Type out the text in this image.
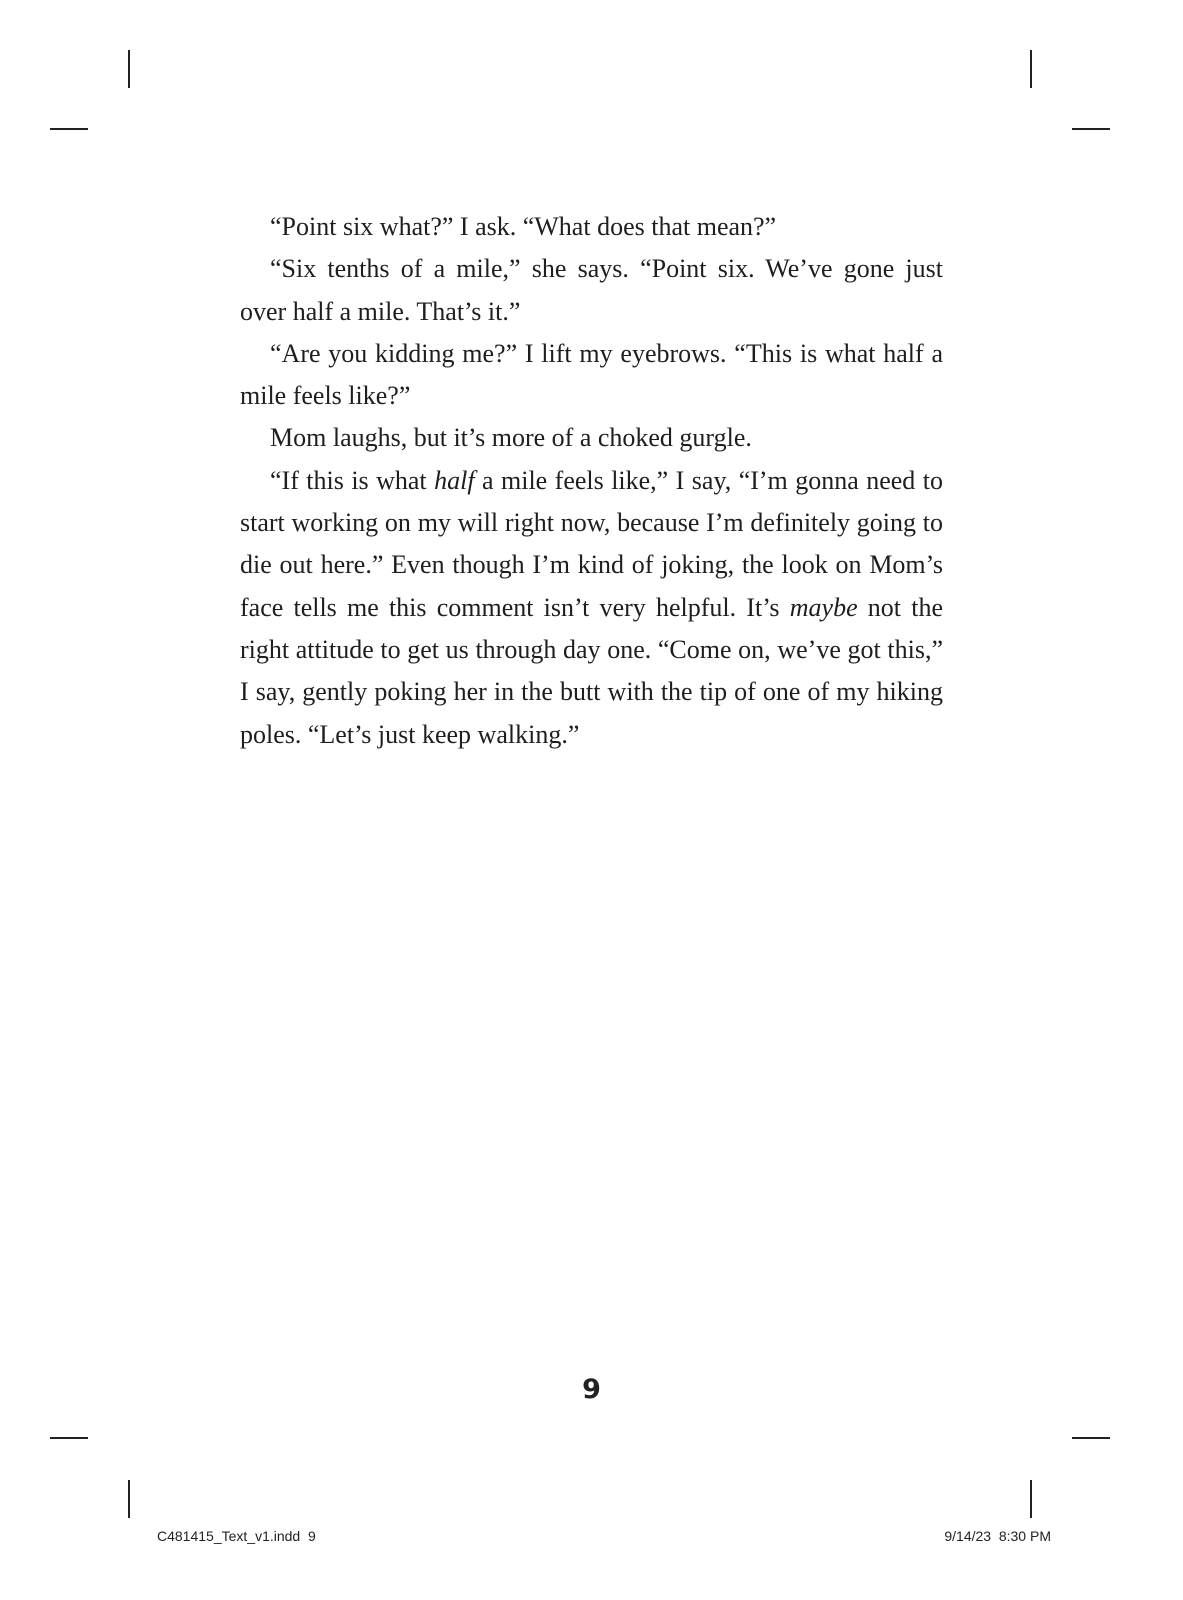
“Point six what?” I ask. “What does that mean?”

“Six tenths of a mile,” she says. “Point six. We’ve gone just over half a mile. That’s it.”

“Are you kidding me?” I lift my eyebrows. “This is what half a mile feels like?”

Mom laughs, but it’s more of a choked gurgle.

“If this is what half a mile feels like,” I say, “I’m gonna need to start working on my will right now, because I’m definitely going to die out here.” Even though I’m kind of joking, the look on Mom’s face tells me this comment isn’t very helpful. It’s maybe not the right attitude to get us through day one. “Come on, we’ve got this,” I say, gently poking her in the butt with the tip of one of my hiking poles. “Let’s just keep walking.”

9
C481415_Text_v1.indd  9	9/14/23  8:30 PM
